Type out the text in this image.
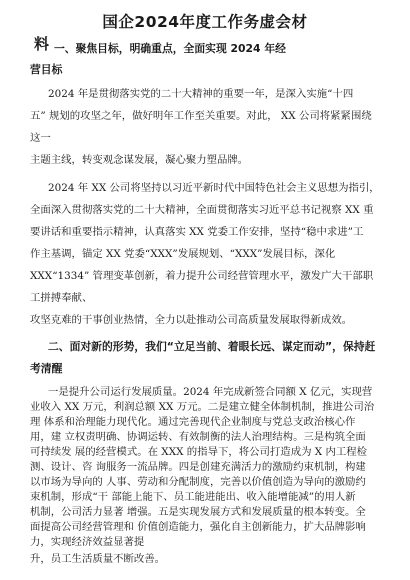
国企2024年度工作务虚会材
料 一、聚焦目标，明确重点，全面实现 2024 年经
营目标
2024 年是贯彻落实党的二十大精神的重要一年，是深入实施“十四
五” 规划的攻坚之年，做好明年工作至关重要。对此， XX 公司将紧紧围绕
这一
主题主线，转变观念谋发展，凝心聚力塑品牌。
2024 年 XX 公司将坚持以习近平新时代中国特色社会主义思想为指引，
全面深入贯彻落实党的二十大精神，全面贯彻落实习近平总书记视察 XX 重
要讲话和重要指示精神，认真落实 XX 党委工作安排，坚持“稳中求进”工
作主基调，锚定 XX 党委“XXX”发展规划、“XXX”发展目标，深化
XXX“1334” 管理变革创新，着力提升公司经营管理水平，激发广大干部职
工拼搏奉献、
攻坚克难的干事创业热情，全力以赴推动公司高质量发展取得新成效。
二、面对新的形势，我们“立足当前、着眼长远、谋定而动”，保持赶
考清醒
一是提升公司运行发展质量。2024 年完成新签合同额 X 亿元，实现营
业收入 XX 万元，利润总额 XX 万元。二是建立健全体制机制，推进公司治
理 体系和治理能力现代化。通过完善现代企业制度与党总支政治核心作
用，建 立权责明确、协调运转、有效制衡的法人治理结构。三是构筑全面
可持续发 展的经营模式。在 XXX 的指导下，将公司打造成为 X 内工程检
测、设计、咨 询服务一流品牌。四是创建充满活力的激励约束机制，构建
以市场为导向的 人事、劳动和分配制度，完善以价值创造为导向的激励约
束机制，形成“干 部能上能下、员工能进能出、收入能增能减”的用人新
机制，公司活力显著 增强。五是实现发展方式和发展质量的根本转变。全
面提高公司经营管理和 价值创造能力，强化自主创新能力，扩大品牌影响
力，实现经济效益显著提
升，员工生活质量不断改善。
